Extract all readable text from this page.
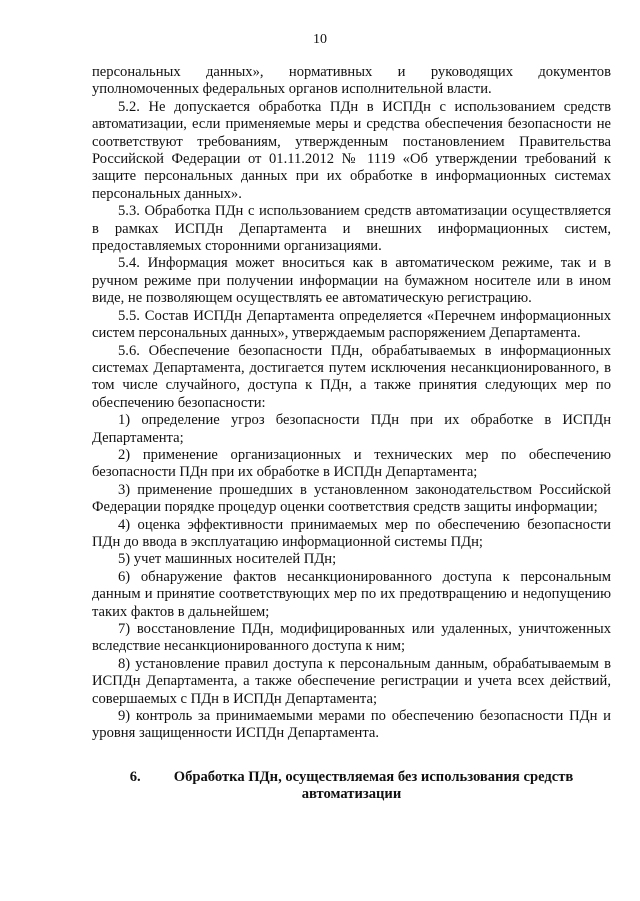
10

персональных данных», нормативных и руководящих документов уполномоченных федеральных органов исполнительной власти.

5.2. Не допускается обработка ПДн в ИСПДн с использованием средств автоматизации, если применяемые меры и средства обеспечения безопасности не соответствуют требованиям, утвержденным постановлением Правительства Российской Федерации от 01.11.2012 № 1119 «Об утверждении требований к защите персональных данных при их обработке в информационных системах персональных данных».

5.3. Обработка ПДн с использованием средств автоматизации осуществляется в рамках ИСПДн Департамента и внешних информационных систем, предоставляемых сторонними организациями.

5.4. Информация может вноситься как в автоматическом режиме, так и в ручном режиме при получении информации на бумажном носителе или в ином виде, не позволяющем осуществлять ее автоматическую регистрацию.

5.5. Состав ИСПДн Департамента определяется «Перечнем информационных систем персональных данных», утверждаемым распоряжением Департамента.

5.6. Обеспечение безопасности ПДн, обрабатываемых в информационных системах Департамента, достигается путем исключения несанкционированного, в том числе случайного, доступа к ПДн, а также принятия следующих мер по обеспечению безопасности:

1) определение угроз безопасности ПДн при их обработке в ИСПДн Департамента;

2) применение организационных и технических мер по обеспечению безопасности ПДн при их обработке в ИСПДн Департамента;

3) применение прошедших в установленном законодательством Российской Федерации порядке процедур оценки соответствия средств защиты информации;

4) оценка эффективности принимаемых мер по обеспечению безопасности ПДн до ввода в эксплуатацию информационной системы ПДн;

5) учет машинных носителей ПДн;

6) обнаружение фактов несанкционированного доступа к персональным данным и принятие соответствующих мер по их предотвращению и недопущению таких фактов в дальнейшем;

7) восстановление ПДн, модифицированных или удаленных, уничтоженных вследствие несанкционированного доступа к ним;

8) установление правил доступа к персональным данным, обрабатываемым в ИСПДн Департамента, а также обеспечение регистрации и учета всех действий, совершаемых с ПДн в ИСПДн Департамента;

9) контроль за принимаемыми мерами по обеспечению безопасности ПДн и уровня защищенности ИСПДн Департамента.

6. Обработка ПДн, осуществляемая без использования средств автоматизации
